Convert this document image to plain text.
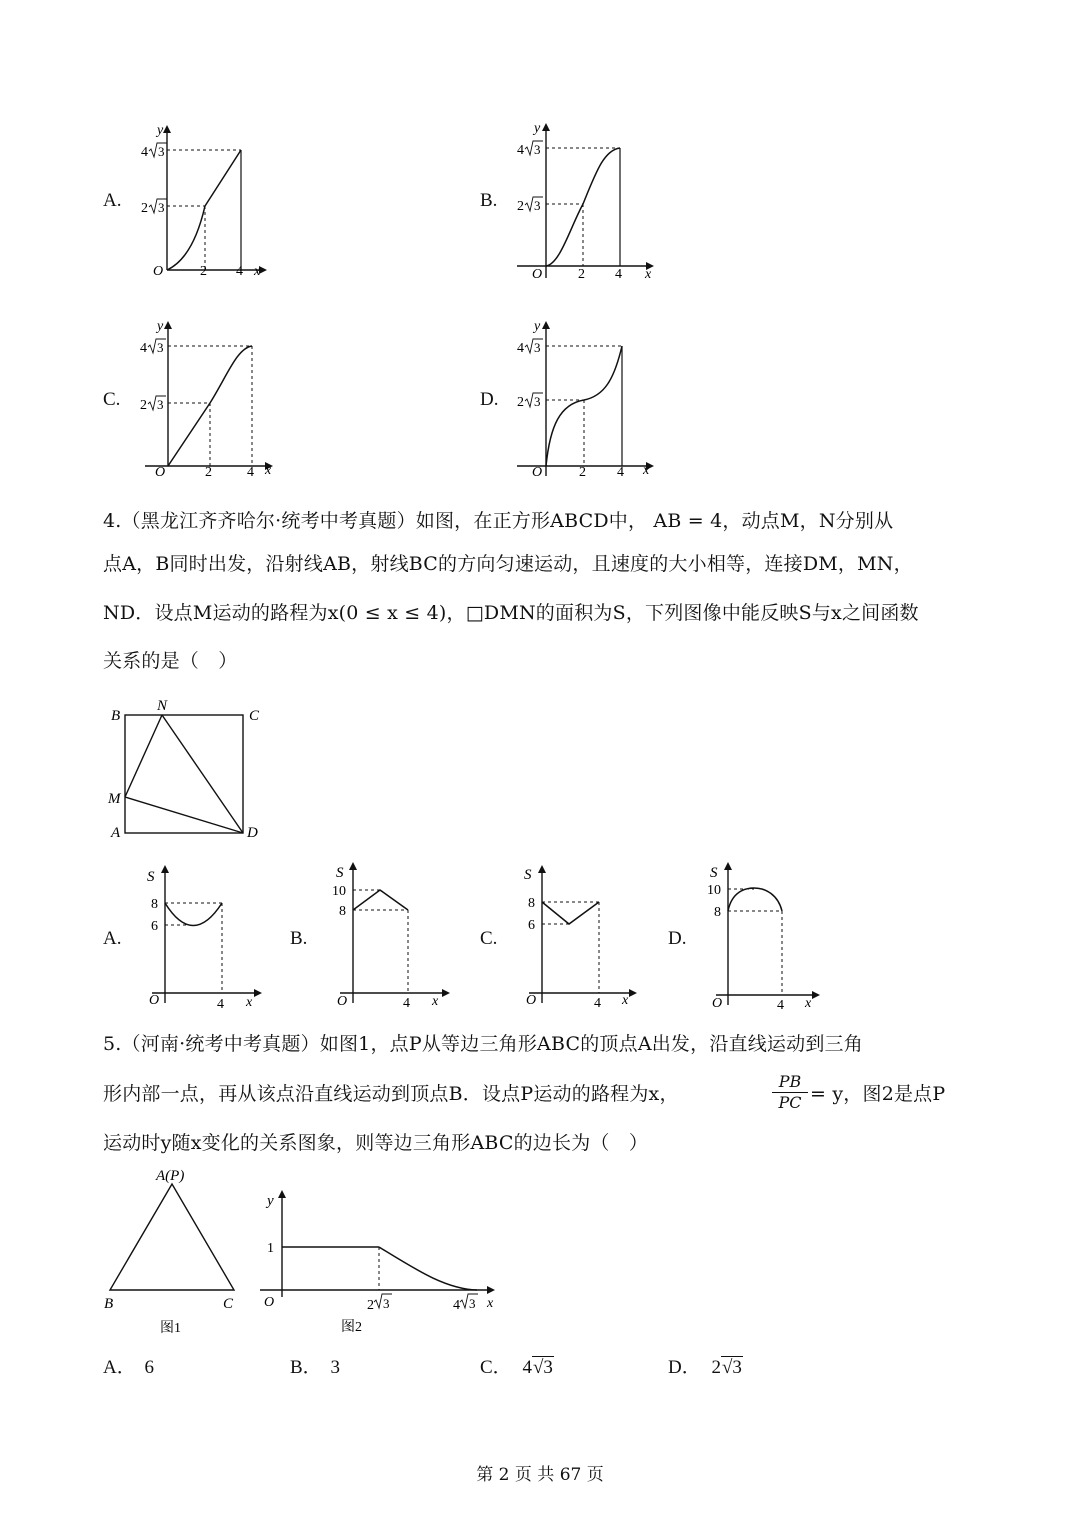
A.
y
4
2
3
3
O	2 4 x
B.
y
4
2
3
3
O	2 4 x
C.
y
4
2
3
3
O	2	4 x
D.
y
4
2
3
3
O	2 4 x
4.（黑龙江齐齐哈尔·统考中考真题）如图，在正方形ABCD中， AB = 4，动点M，N分别从
点A，B同时出发，沿射线AB，射线BC的方向匀速运动，且速度的大小相等，连接DM，MN，
ND．设点M运动的路程为x(0 ≤ x ≤ 4)，□DMN的面积为S，下列图像中能反映S与x之间函数
关系的是（　）
B
N
C
M
A	D
A.
S
8
6
O	4 x
B.
S
10
8
O	4 x
C.
S
8
6
O	4 x
D.
S
10
8
O	4 x
5.（河南·统考中考真题）如图1，点P从等边三角形ABC的顶点A出发，沿直线运动到三角
形内部一点，再从该点沿直线运动到顶点B．设点P运动的路程为x，	$\frac{PB}{PC} = y$，图2是点P
运动时y随x变化的关系图象，则等边三角形ABC的边长为（　）
A(P)
B	C
图1
y
1
O	2 3	4 3 x
图2
A． 6	B． 3	C． 4√3	D． 2√3
第 2 页 共 67 页
